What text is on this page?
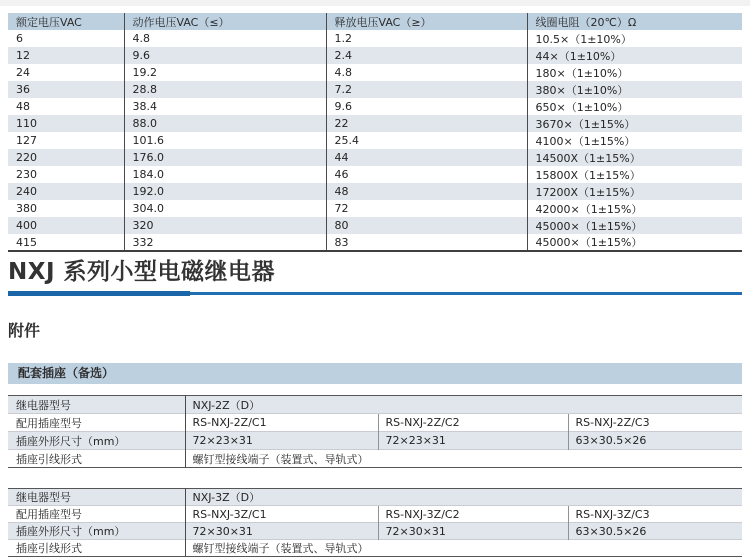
额定电压VAC	动作电压VAC（≤）	释放电压VAC（≥）	线圈电阻（20℃）Ω
6	4.8	1.2	10.5×（1±10%）
12	9.6	2.4	44×（1±10%）
24	19.2	4.8	180×（1±10%）
36	28.8	7.2	380×（1±10%）
48	38.4	9.6	650×（1±10%）
110	88.0	22	3670×（1±15%）
127	101.6	25.4	4100×（1±15%）
220	176.0	44	14500X（1±15%）
230	184.0	46	15800X（1±15%）
240	192.0	48	17200X（1±15%）
380	304.0	72	42000×（1±15%）
400	320	80	45000×（1±15%）
415	332	83	45000×（1±15%）
NXJ 系列小型电磁继电器
附件
配套插座（备选）
继电器型号	NXJ-2Z（D）		
配用插座型号	RS-NXJ-2Z/C1	RS-NXJ-2Z/C2	RS-NXJ-2Z/C3
插座外形尺寸（mm）	72×23×31	72×23×31	63×30.5×26
插座引线形式	螺钉型接线端子（装置式、导轨式）		
继电器型号	NXJ-3Z（D）		
配用插座型号	RS-NXJ-3Z/C1	RS-NXJ-3Z/C2	RS-NXJ-3Z/C3
插座外形尺寸（mm）	72×30×31	72×30×31	63×30.5×26
插座引线形式	螺钉型接线端子（装置式、导轨式）		
